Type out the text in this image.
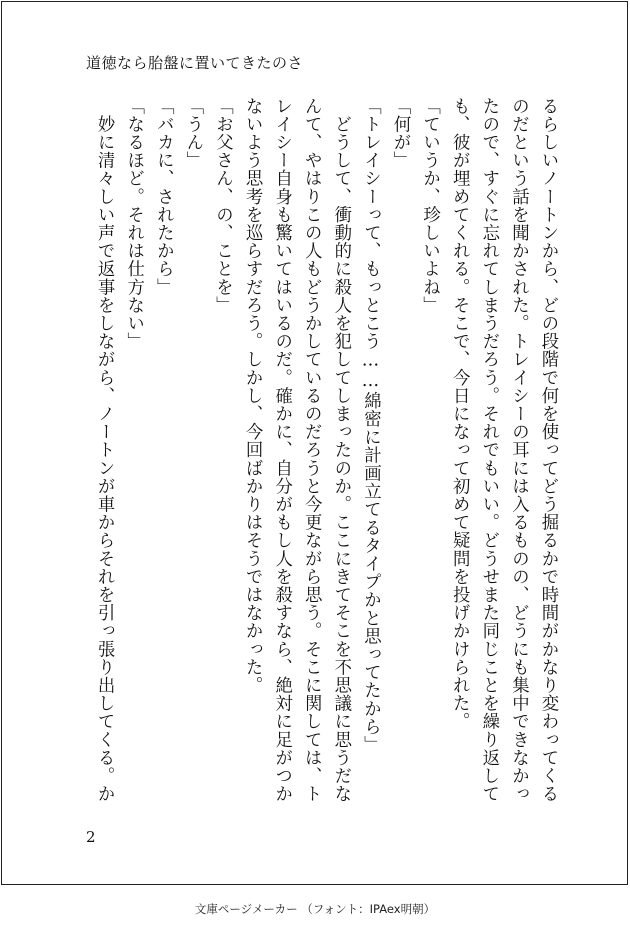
道徳なら胎盤に置いてきたのさ

るらしいノートンから、どの段階で何を使ってどう掘るかで時間がかなり変わってくるのだという話を聞かされた。トレイシーの耳には入るものの、どうにも集中できなかったので、すぐに忘れてしまうだろう。それでもいい。どうせまた同じことを繰り返しても、彼が埋めてくれる。そこで、今日になって初めて疑問を投げかけられた。

「ていうか、珍しいよね」

「何が」

「トレイシーって、もっとこう……綿密に計画立てるタイプかと思ってたから」

　どうして、衝動的に殺人を犯してしまったのか。ここにきてそこを不思議に思うだなんて、やはりこの人もどうかしているのだろうと今更ながら思う。そこに関しては、トレイシー自身も驚いてはいるのだ。確かに、自分がもし人を殺すなら、絶対に足がつかないよう思考を巡らすだろう。しかし、今回ばかりはそうではなかった。

「お父さん、の、ことを」

「うん」

「バカに、されたから」

「なるほど。それは仕方ない」

　妙に清々しい声で返事をしながら、ノートンが車からそれを引っ張り出してくる。か

2
文庫ページメーカー （フォント：IPAex明朝）
